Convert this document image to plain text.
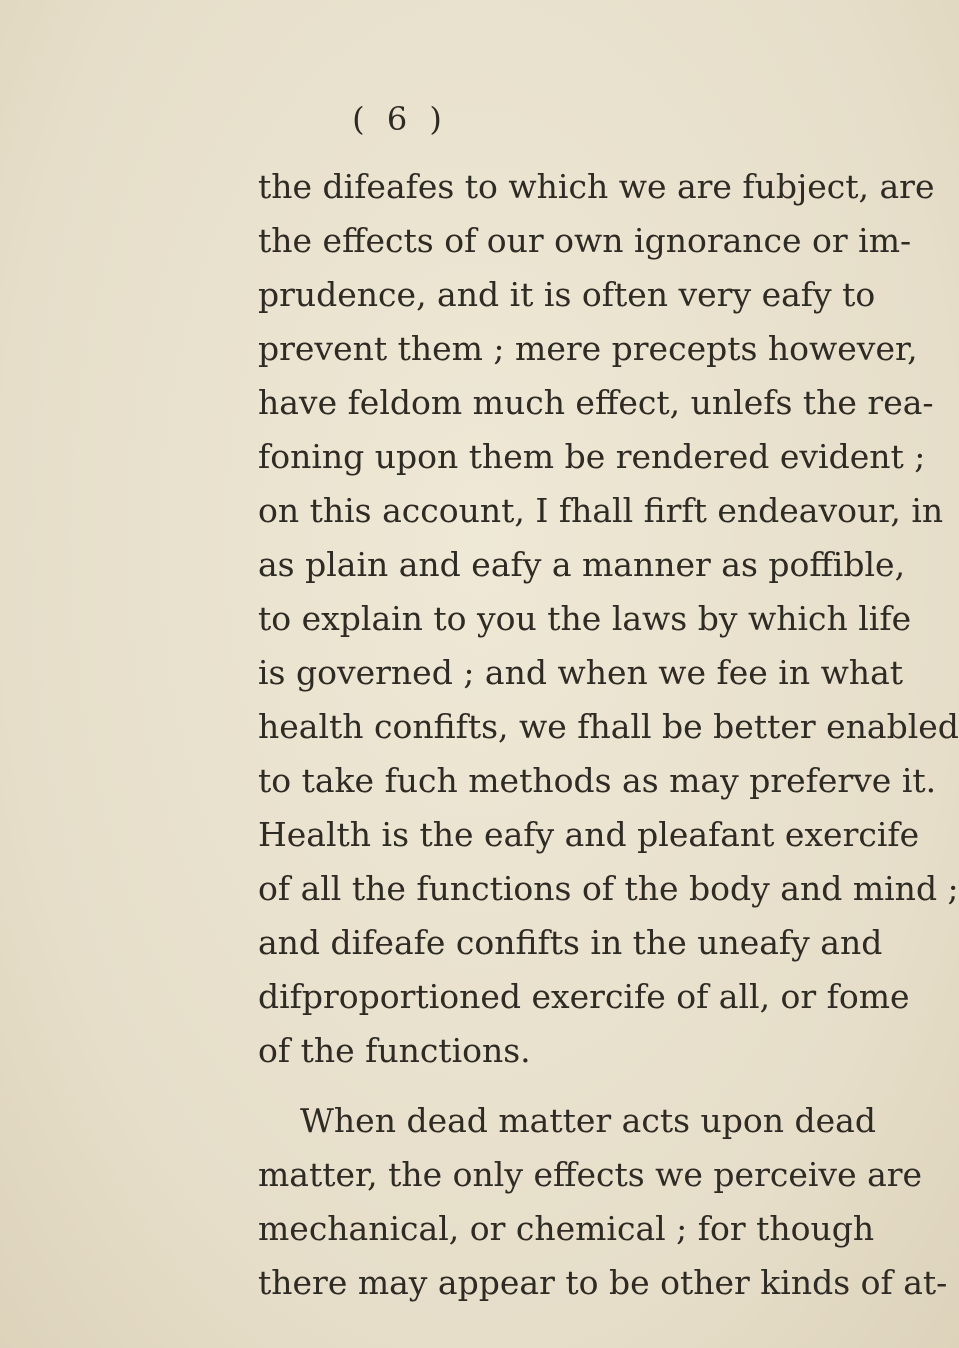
( 6 )
the difeafes to which we are fubject, are
the effects of our own ignorance or im-
prudence, and it is often very eafy to
prevent them ; mere precepts however,
have feldom much effect, unlefs the rea-
foning upon them be rendered evident ;
on this account, I fhall firft endeavour, in
as plain and eafy a manner as poffible,
to explain to you the laws by which life
is governed ; and when we fee in what
health confifts, we fhall be better enabled
to take fuch methods as may preferve it.
Health is the eafy and pleafant exercife
of all the functions of the body and mind ;
and difeafe confifts in the uneafy and
difproportioned exercife of all, or fome
of the functions.
When dead matter acts upon dead
matter, the only effects we perceive are
mechanical, or chemical ; for though
there may appear to be other kinds of at-
